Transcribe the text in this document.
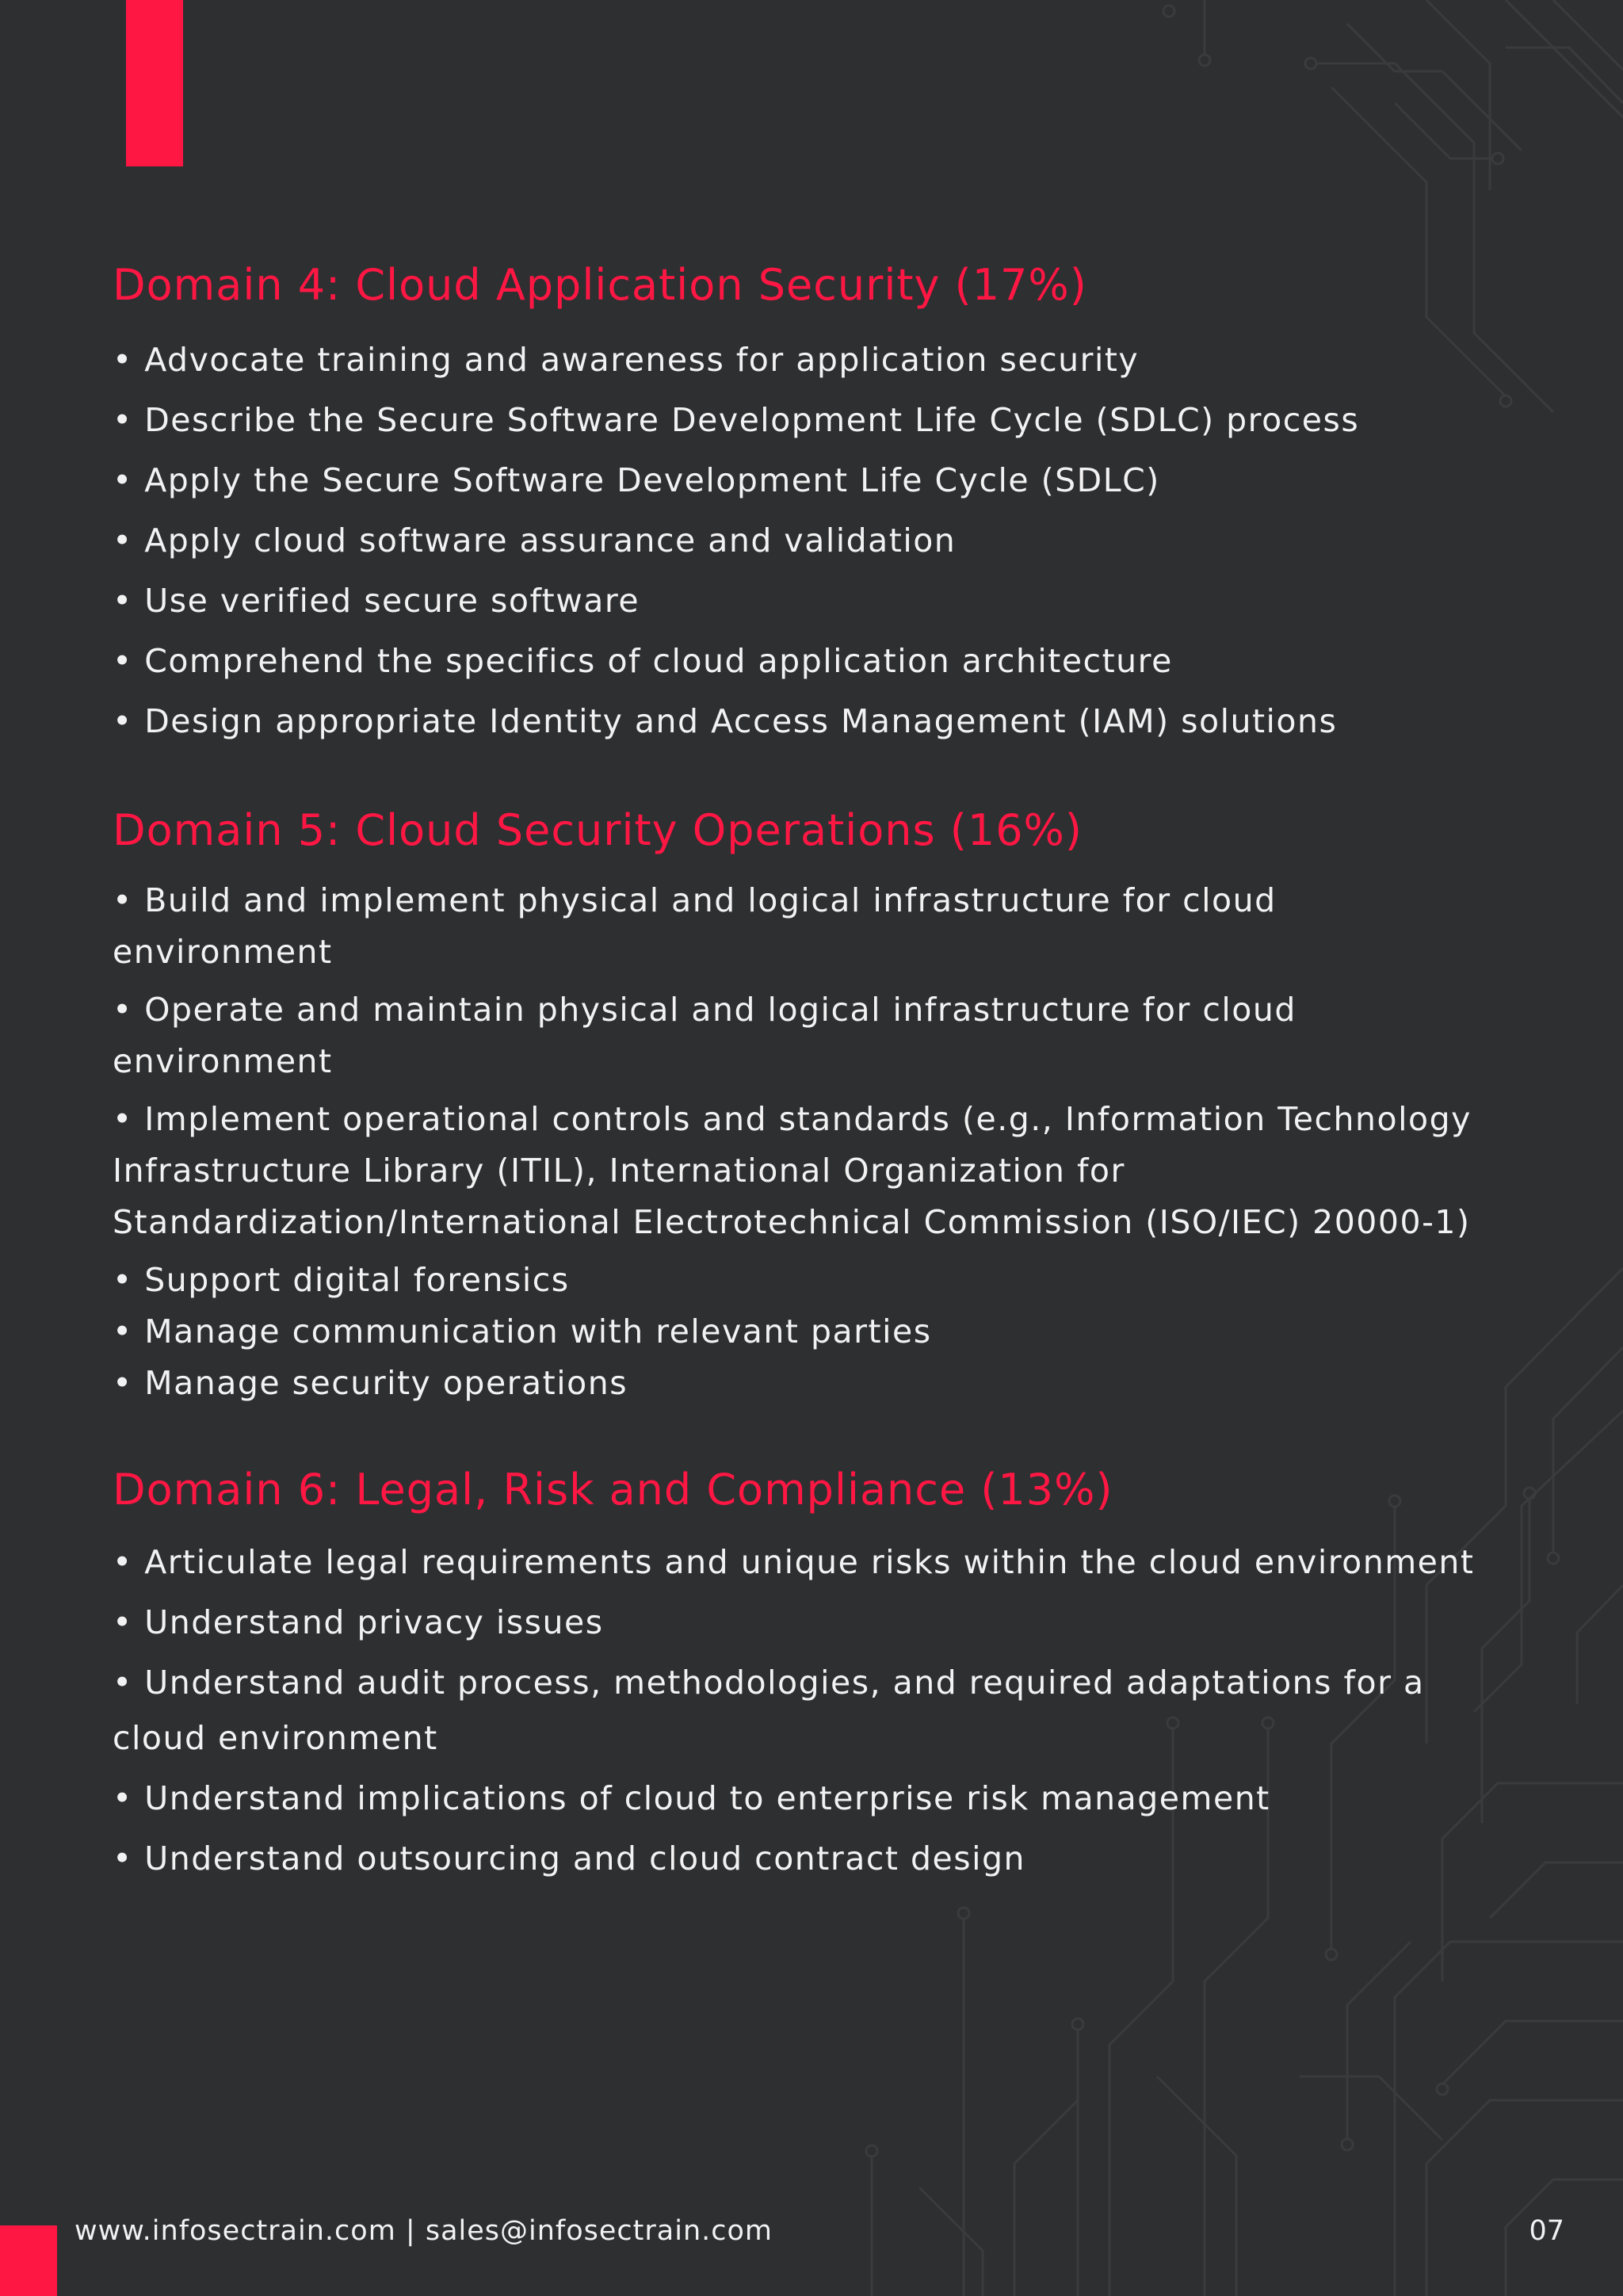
Domain 4: Cloud Application Security (17%)
• Advocate training and awareness for application security
• Describe the Secure Software Development Life Cycle (SDLC) process
• Apply the Secure Software Development Life Cycle (SDLC)
• Apply cloud software assurance and validation
• Use verified secure software
• Comprehend the specifics of cloud application architecture
• Design appropriate Identity and Access Management (IAM) solutions
Domain 5: Cloud Security Operations (16%)
• Build and implement physical and logical infrastructure for cloud environment
• Operate and maintain physical and logical infrastructure for cloud environment
• Implement operational controls and standards (e.g., Information Technology Infrastructure Library (ITIL), International Organization for Standardization/International Electrotechnical Commission (ISO/IEC) 20000-1)
• Support digital forensics
• Manage communication with relevant parties
• Manage security operations
Domain 6: Legal, Risk and Compliance (13%)
• Articulate legal requirements and unique risks within the cloud environment
• Understand privacy issues
• Understand audit process, methodologies, and required adaptations for a cloud environment
• Understand implications of cloud to enterprise risk management
• Understand outsourcing and cloud contract design
www.infosectrain.com | sales@infosectrain.com	07
